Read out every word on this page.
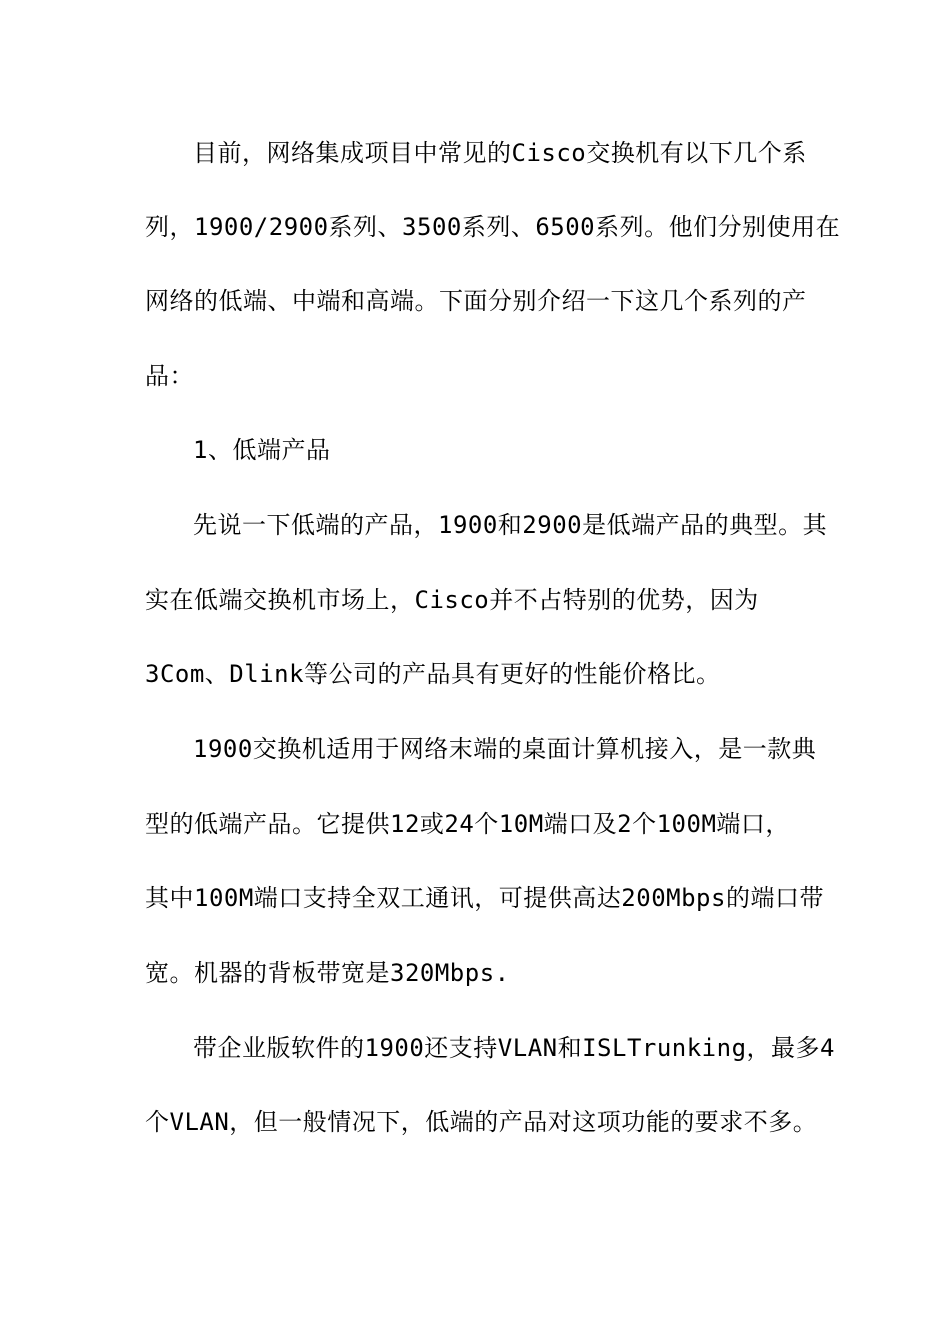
目前，网络集成项目中常见的Cisco交换机有以下几个系
列，1900/2900系列、3500系列、6500系列。他们分别使用在
网络的低端、中端和高端。下面分别介绍一下这几个系列的产
品：
1、低端产品
先说一下低端的产品，1900和2900是低端产品的典型。其
实在低端交换机市场上，Cisco并不占特别的优势，因为
3Com、Dlink等公司的产品具有更好的性能价格比。
1900交换机适用于网络末端的桌面计算机接入，是一款典
型的低端产品。它提供12或24个10M端口及2个100M端口，
其中100M端口支持全双工通讯，可提供高达200Mbps的端口带
宽。机器的背板带宽是320Mbps.
带企业版软件的1900还支持VLAN和ISLTrunking，最多4
个VLAN，但一般情况下，低端的产品对这项功能的要求不多。
